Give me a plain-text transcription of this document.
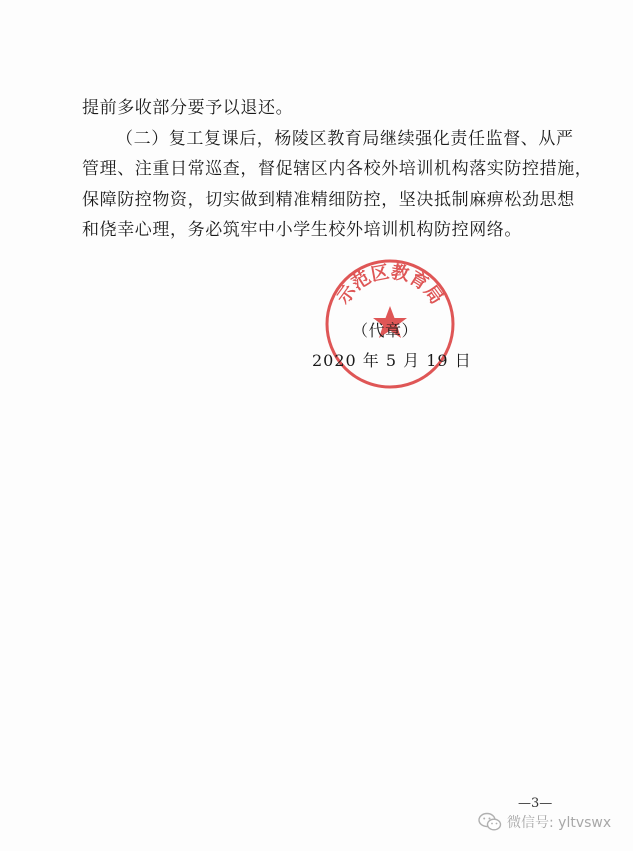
提前多收部分要予以退还。

（二）复工复课后，杨陵区教育局继续强化责任监督、从严

管理、注重日常巡查，督促辖区内各校外培训机构落实防控措施，

保障防控物资，切实做到精准精细防控，坚决抵制麻痹松劲思想

和侥幸心理，务必筑牢中小学生校外培训机构防控网络。

示范区教育局
（代章）
2020 年 5 月 19 日
—3—
微信号: yltvswx
